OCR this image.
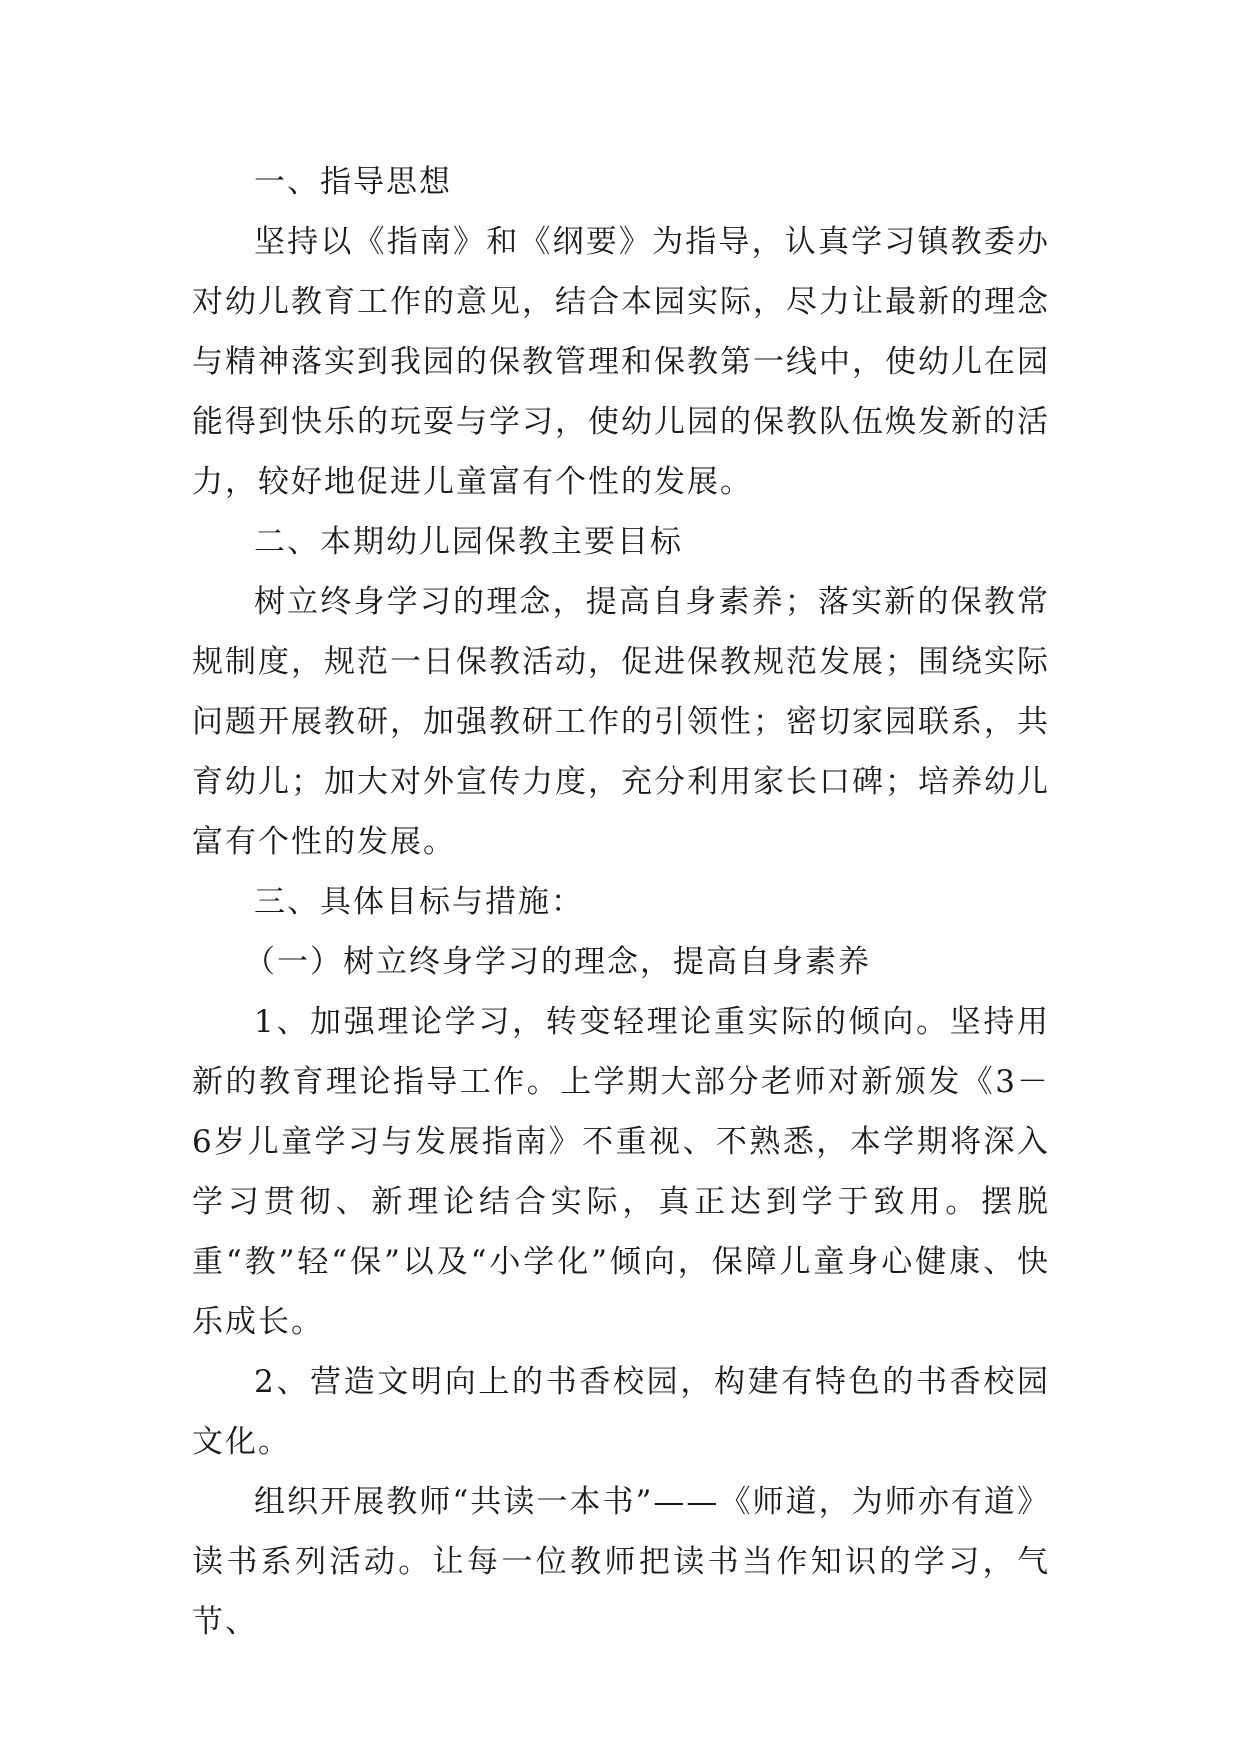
一、指导思想

坚持以《指南》和《纲要》为指导，认真学习镇教委办对幼儿教育工作的意见，结合本园实际，尽力让最新的理念与精神落实到我园的保教管理和保教第一线中，使幼儿在园能得到快乐的玩耍与学习，使幼儿园的保教队伍焕发新的活力，较好地促进儿童富有个性的发展。

二、本期幼儿园保教主要目标

树立终身学习的理念，提高自身素养；落实新的保教常规制度，规范一日保教活动，促进保教规范发展；围绕实际问题开展教研，加强教研工作的引领性；密切家园联系，共育幼儿；加大对外宣传力度，充分利用家长口碑；培养幼儿富有个性的发展。

三、具体目标与措施：

（一）树立终身学习的理念，提高自身素养

1、加强理论学习，转变轻理论重实际的倾向。坚持用新的教育理论指导工作。上学期大部分老师对新颁发《3－6岁儿童学习与发展指南》不重视、不熟悉，本学期将深入学习贯彻、新理论结合实际，真正达到学于致用。摆脱重“教”轻“保”以及“小学化”倾向，保障儿童身心健康、快乐成长。

2、营造文明向上的书香校园，构建有特色的书香校园文化。

组织开展教师“共读一本书”——《师道，为师亦有道》读书系列活动。让每一位教师把读书当作知识的学习，气节、
